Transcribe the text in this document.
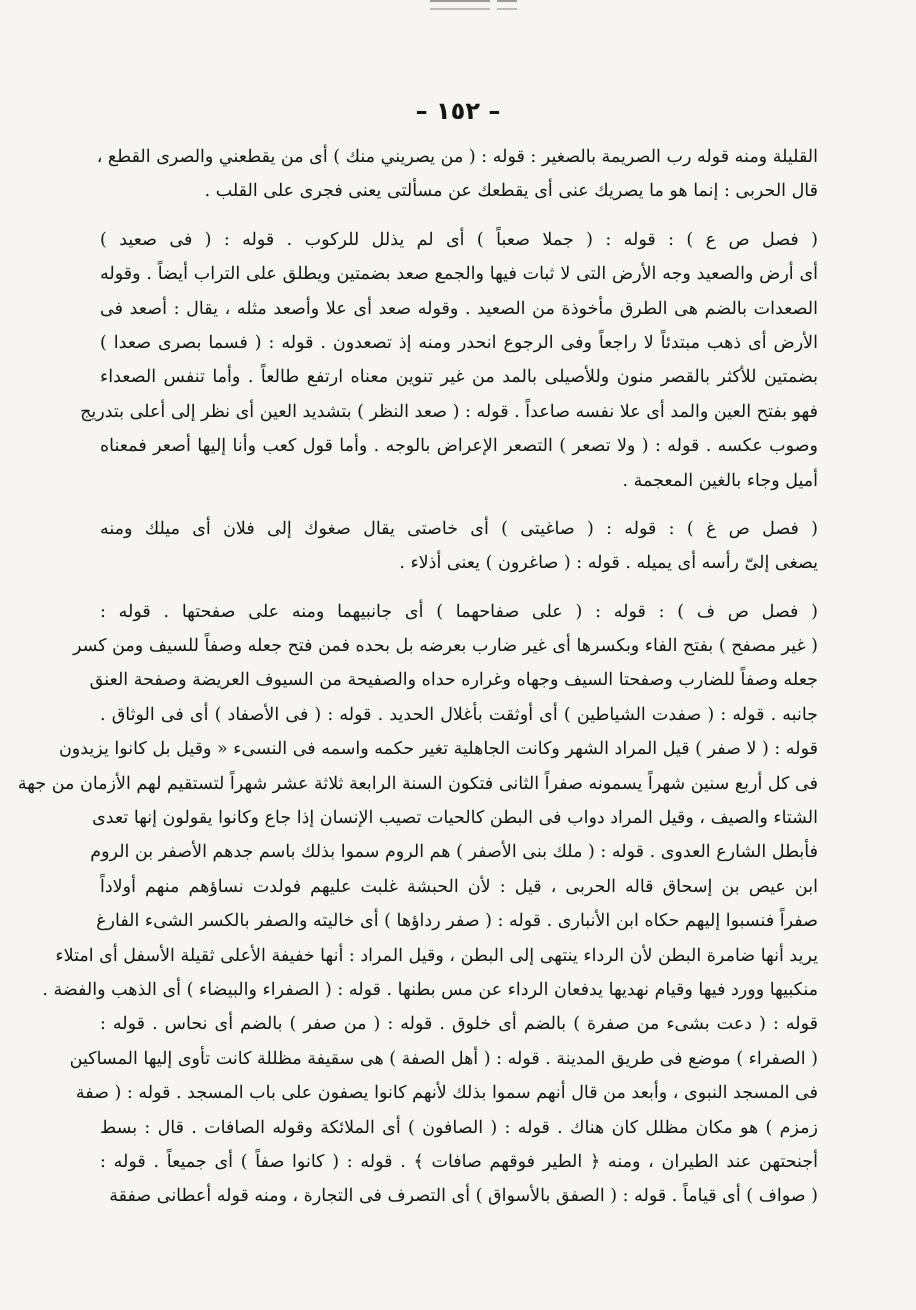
– ١٥٢ –
القليلة ومنه قوله رب الصريمة بالصغير : قوله : ( من يصريني منك ) أى من يقطعني والصرى القطع ،
قال الحربى : إنما هو ما يصريك عنى أى يقطعك عن مسألتى يعنى فجرى على القلب .
( فصل ص ع ) : قوله : ( جملا صعباً ) أى لم يذلل للركوب . قوله : ( فى صعيد )
أى أرض والصعيد وجه الأرض التى لا ثبات فيها والجمع صعد بضمتين ويطلق على التراب أيضاً . وقوله
الصعدات بالضم هى الطرق مأخوذة من الصعيد . وقوله صعد أى علا وأصعد مثله ، يقال : أصعد فى
الأرض أى ذهب مبتدئاً لا راجعاً وفى الرجوع انحدر ومنه إذ تصعدون . قوله : ( فسما بصرى صعدا )
بضمتين للأكثر بالقصر منون وللأصيلى بالمد من غير تنوين معناه ارتفع طالعاً . وأما تنفس الصعداء
فهو بفتح العين والمد أى علا نفسه صاعداً . قوله : ( صعد النظر ) بتشديد العين أى نظر إلى أعلى بتدريج
وصوب عكسه . قوله : ( ولا تصعر ) التصعر الإعراض بالوجه . وأما قول كعب وأنا إليها أصعر فمعناه
أميل وجاء بالغين المعجمة .
( فصل ص غ ) : قوله : ( صاغيتى ) أى خاصتى يقال صغوك إلى فلان أى ميلك ومنه
يصغى إلىّ رأسه أى يميله . قوله : ( صاغرون ) يعنى أذلاء .
( فصل ص ف ) : قوله : ( على صفاحهما ) أى جانبيهما ومنه على صفحتها . قوله :
( غير مصفح ) بفتح الفاء وبكسرها أى غير ضارب بعرضه بل بحده فمن فتح جعله وصفاً للسيف ومن كسر
جعله وصفاً للضارب وصفحتا السيف وجهاه وغراره حداه والصفيحة من السيوف العريضة وصفحة العنق
جانبه . قوله : ( صفدت الشياطين ) أى أوثقت بأغلال الحديد . قوله : ( فى الأصفاد ) أى فى الوثاق .
قوله : ( لا صفر ) قيل المراد الشهر وكانت الجاهلية تغير حكمه واسمه فى النسىء « وقيل بل كانوا يزيدون
فى كل أربع سنين شهراً يسمونه صفراً الثانى فتكون السنة الرابعة ثلاثة عشر شهراً لتستقيم لهم الأزمان من جهة
الشتاء والصيف ، وقيل المراد دواب فى البطن كالحيات تصيب الإنسان إذا جاع وكانوا يقولون إنها تعدى
فأبطل الشارع العدوى . قوله : ( ملك بنى الأصفر ) هم الروم سموا بذلك باسم جدهم الأصفر بن الروم
ابن عيص بن إسحاق قاله الحربى ، قيل : لأن الحبشة غلبت عليهم فولدت نساؤهم منهم أولاداً
صفراً فنسبوا إليهم حكاه ابن الأنبارى . قوله : ( صفر رداؤها ) أى خاليته والصفر بالكسر الشىء الفارغ
يريد أنها ضامرة البطن لأن الرداء ينتهى إلى البطن ، وقيل المراد : أنها خفيفة الأعلى ثقيلة الأسفل أى امتلاء
منكبيها وورد فيها وقيام نهديها يدفعان الرداء عن مس بطنها . قوله : ( الصفراء والبيضاء ) أى الذهب والفضة .
قوله : ( دعت بشىء من صفرة ) بالضم أى خلوق . قوله : ( من صفر ) بالضم أى نحاس . قوله :
( الصفراء ) موضع فى طريق المدينة . قوله : ( أهل الصفة ) هى سقيفة مظللة كانت تأوى إليها المساكين
فى المسجد النبوى ، وأبعد من قال أنهم سموا بذلك لأنهم كانوا يصفون على باب المسجد . قوله : ( صفة
زمزم ) هو مكان مظلل كان هناك . قوله : ( الصافون ) أى الملائكة وقوله الصافات . قال : بسط
أجنحتهن عند الطيران ، ومنه ﴿ الطير فوقهم صافات ﴾ . قوله : ( كانوا صفاً ) أى جميعاً . قوله :
( صواف ) أى قياماً . قوله : ( الصفق بالأسواق ) أى التصرف فى التجارة ، ومنه قوله أعطانى صفقة
